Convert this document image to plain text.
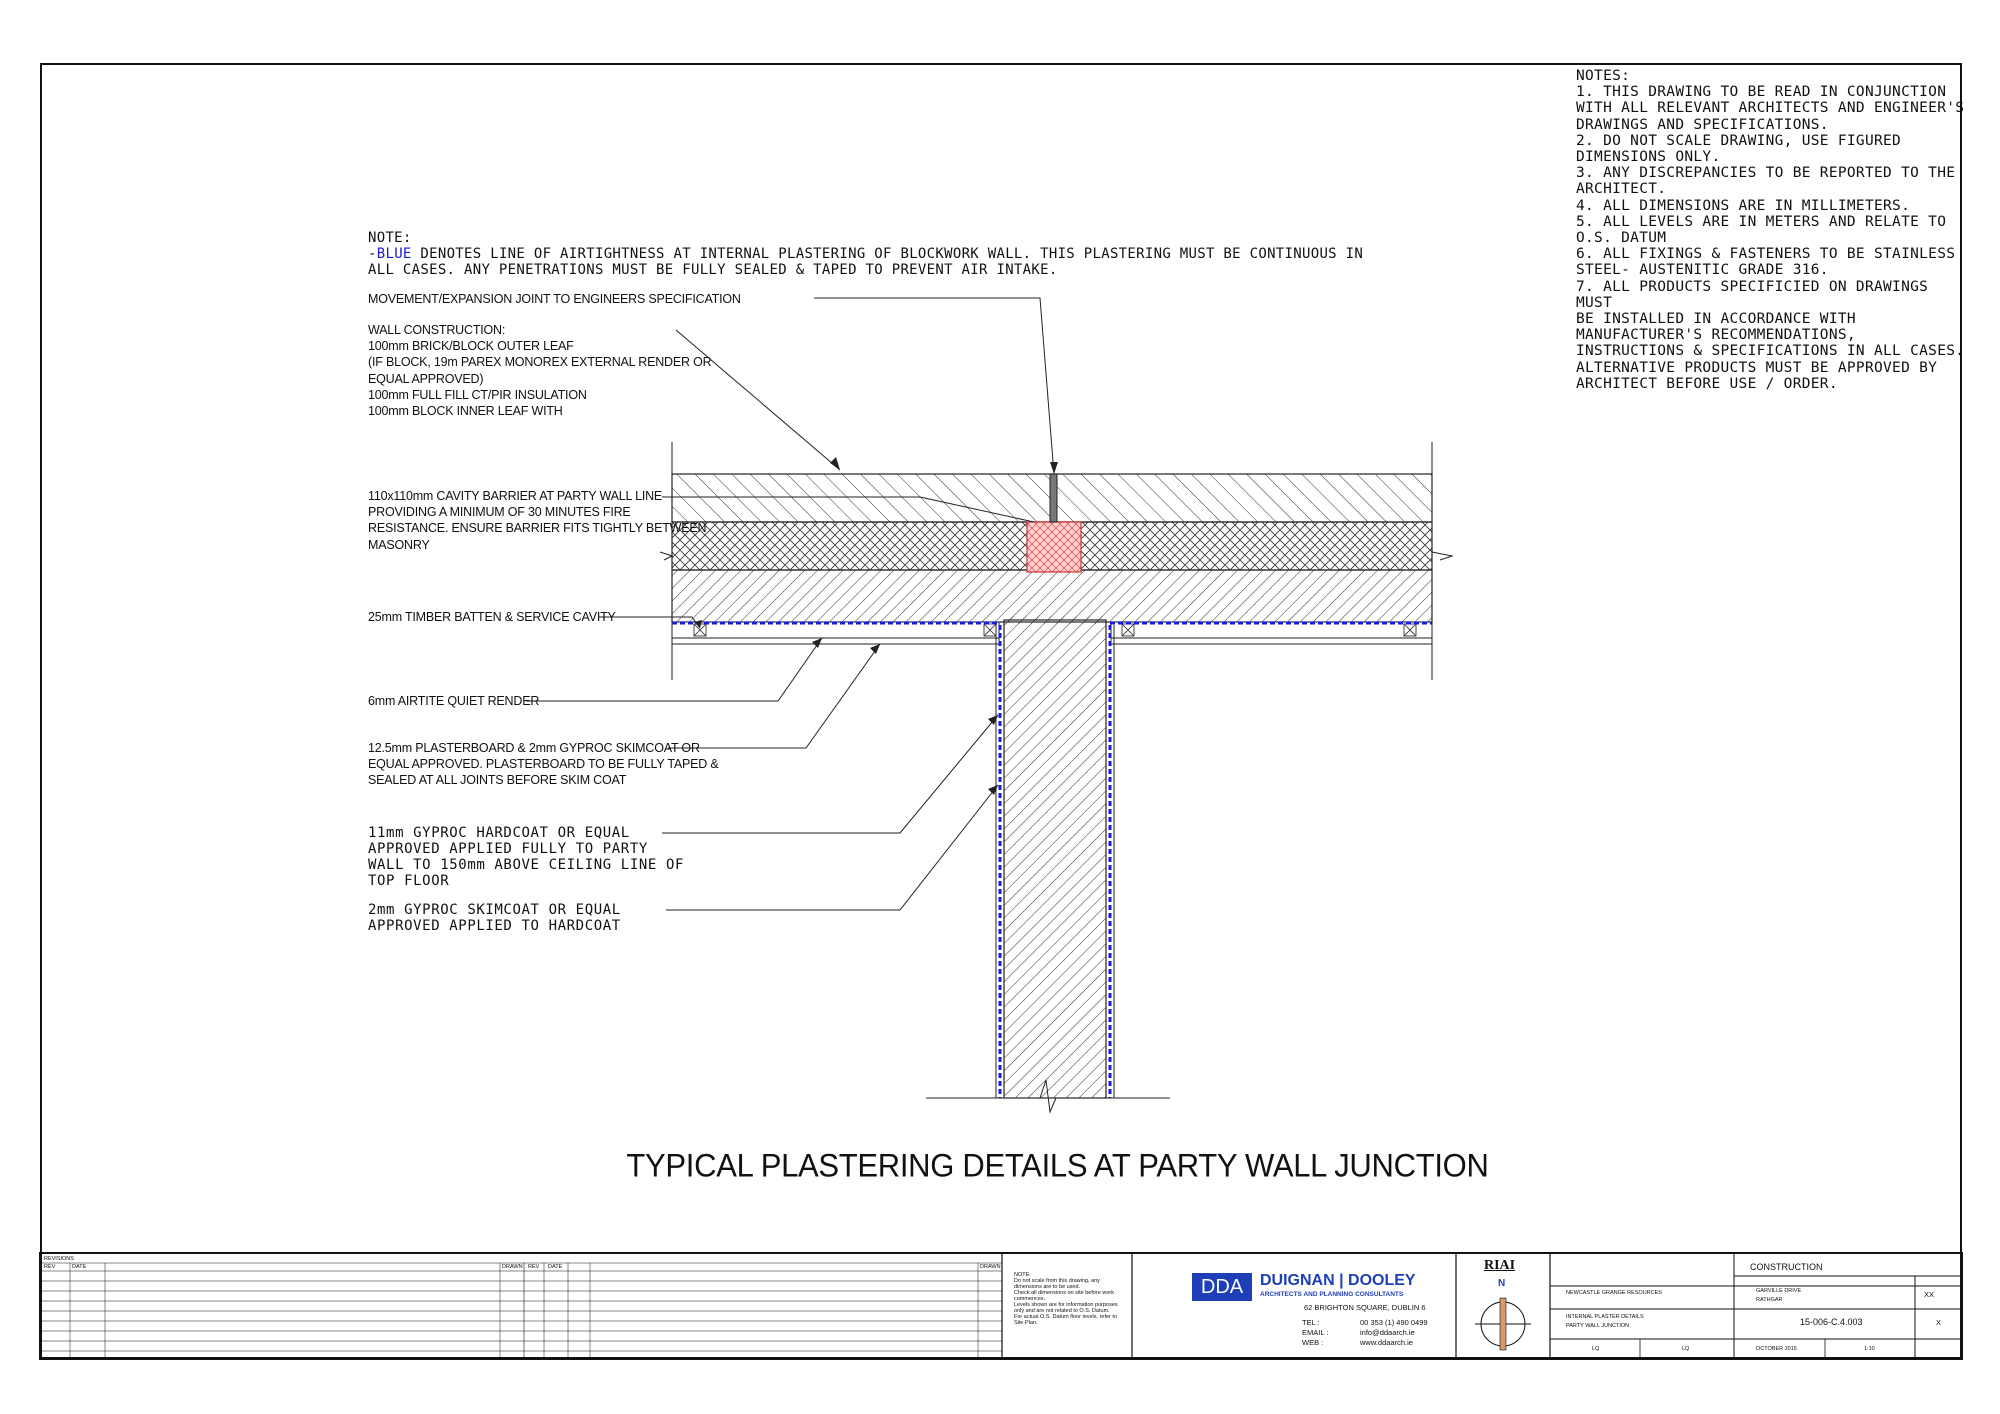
NOTES:
1. THIS DRAWING TO BE READ IN CONJUNCTION
WITH ALL RELEVANT ARCHITECTS AND ENGINEER'S
DRAWINGS AND SPECIFICATIONS.
2. DO NOT SCALE DRAWING, USE FIGURED
DIMENSIONS ONLY.
3. ANY DISCREPANCIES TO BE REPORTED TO THE
ARCHITECT.
4. ALL DIMENSIONS ARE IN MILLIMETERS.
5. ALL LEVELS ARE IN METERS AND RELATE TO
O.S. DATUM
6. ALL FIXINGS & FASTENERS TO BE STAINLESS
STEEL- AUSTENITIC GRADE 316.
7. ALL PRODUCTS SPECIFICIED ON DRAWINGS MUST
BE INSTALLED IN ACCORDANCE WITH
MANUFACTURER'S RECOMMENDATIONS,
INSTRUCTIONS & SPECIFICATIONS IN ALL CASES.
ALTERNATIVE PRODUCTS MUST BE APPROVED BY
ARCHITECT BEFORE USE / ORDER.
NOTE:
-BLUE DENOTES LINE OF AIRTIGHTNESS AT INTERNAL PLASTERING OF BLOCKWORK WALL. THIS PLASTERING MUST BE CONTINUOUS IN
ALL CASES. ANY PENETRATIONS MUST BE FULLY SEALED & TAPED TO PREVENT AIR INTAKE.
MOVEMENT/EXPANSION JOINT TO ENGINEERS SPECIFICATION
WALL CONSTRUCTION:
100mm BRICK/BLOCK OUTER LEAF
(IF BLOCK, 19m PAREX MONOREX EXTERNAL RENDER OR
EQUAL APPROVED)
100mm FULL FILL CT/PIR INSULATION
100mm BLOCK INNER LEAF WITH
110x110mm CAVITY BARRIER AT PARTY WALL LINE
PROVIDING A MINIMUM OF 30 MINUTES FIRE
RESISTANCE. ENSURE BARRIER FITS TIGHTLY BETWEEN
MASONRY
25mm TIMBER BATTEN & SERVICE CAVITY
6mm AIRTITE QUIET RENDER
12.5mm PLASTERBOARD & 2mm GYPROC SKIMCOAT OR
EQUAL APPROVED. PLASTERBOARD TO BE FULLY TAPED &
SEALED AT ALL JOINTS BEFORE SKIM COAT
11mm GYPROC HARDCOAT OR EQUAL
APPROVED APPLIED FULLY TO PARTY
WALL TO 150mm ABOVE CEILING LINE OF
TOP FLOOR
2mm GYPROC SKIMCOAT OR EQUAL
APPROVED APPLIED TO HARDCOAT
TYPICAL PLASTERING DETAILS AT PARTY WALL JUNCTION
REVISIONS
REV	DATE	DRAWN REV DATE	DRAWN
NOTE:
Do not scale from this drawing, any
dimensions are to be used.
Check all dimensions on site before work
commences.
Levels shown are for information purposes
only and are not related to O.S. Datum.
For actual O.S. Datum floor levels, refer to
Site Plan.
DDA	DUIGNAN | DOOLEY
ARCHITECTS AND PLANNING CONSULTANTS
62 BRIGHTON SQUARE, DUBLIN 6
TEL :	00 353 (1) 490 0499
EMAIL :	info@ddaarch.ie
WEB :	www.ddaarch.ie
RIAI
N
CONSTRUCTION
NEWCASTLE GRANGE RESOURCES	GARVILLE DRIVE
RATHGAR
XX
INTERNAL PLASTER DETAILS
PARTY WALL JUNCTION	15-006-C.4.003	X
LQ	LQ	OCTOBER 2015	1:10
